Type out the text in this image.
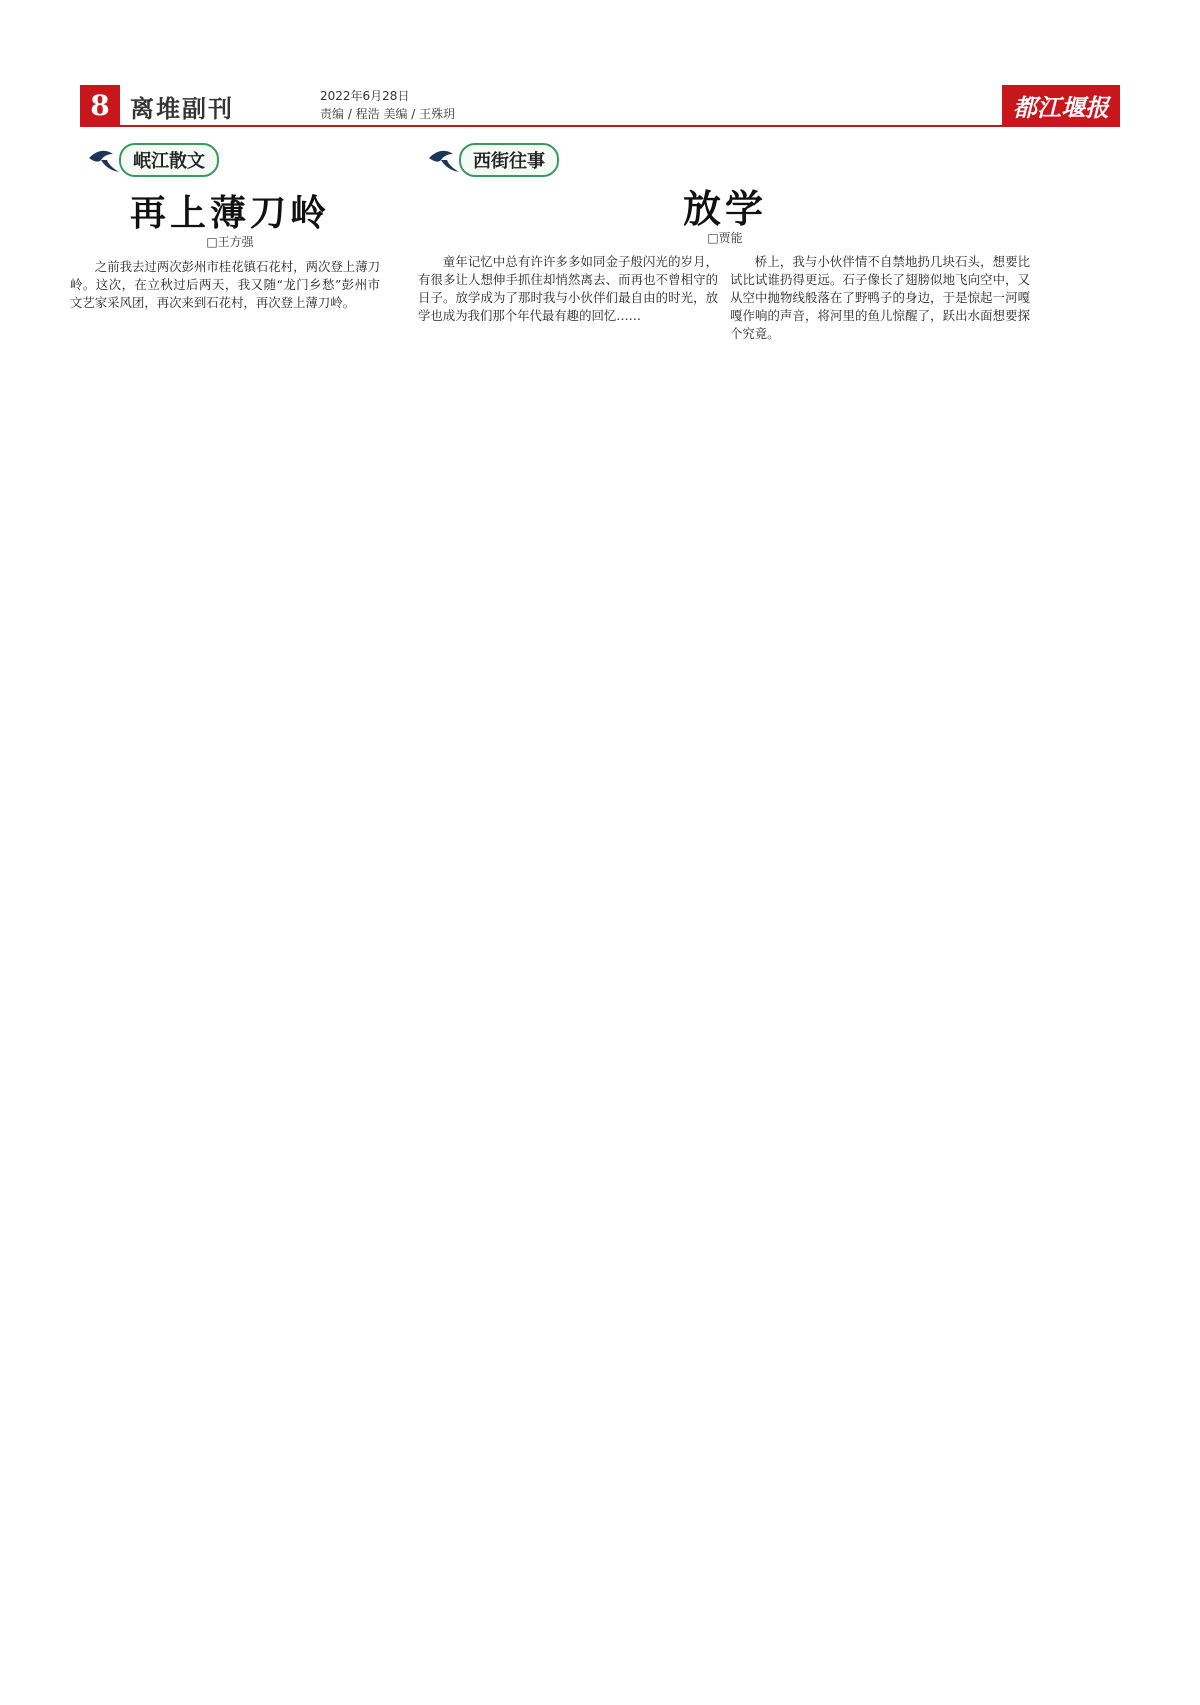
8 离堆副刊	2022年6月28日
责编 / 程浩 美编 / 王殊玥	都江堰报
岷江散文	西街往事
再上薄刀岭
□王方强

之前我去过两次彭州市桂花镇石花村，两次登上薄刀岭。这次，在立秋过后两天，我又随“龙门乡愁”彭州市文艺家采风团，再次来到石花村，再次登上薄刀岭。

放学
□贾能

童年记忆中总有许许多多如同金子般闪光的岁月，有很多让人想伸手抓住却悄然离去、而再也不曾相守的日子。放学成为了那时我与小伙伴们最自由的时光，放学也成为我们那个年代最有趣的回忆……

桥上，我与小伙伴情不自禁地扔几块石头，想要比试比试谁扔得更远。石子像长了翅膀似地飞向空中，又从空中抛物线般落在了野鸭子的身边，于是惊起一河嘎嘎作响的声音，将河里的鱼儿惊醒了，跃出水面想要探个究竟。
